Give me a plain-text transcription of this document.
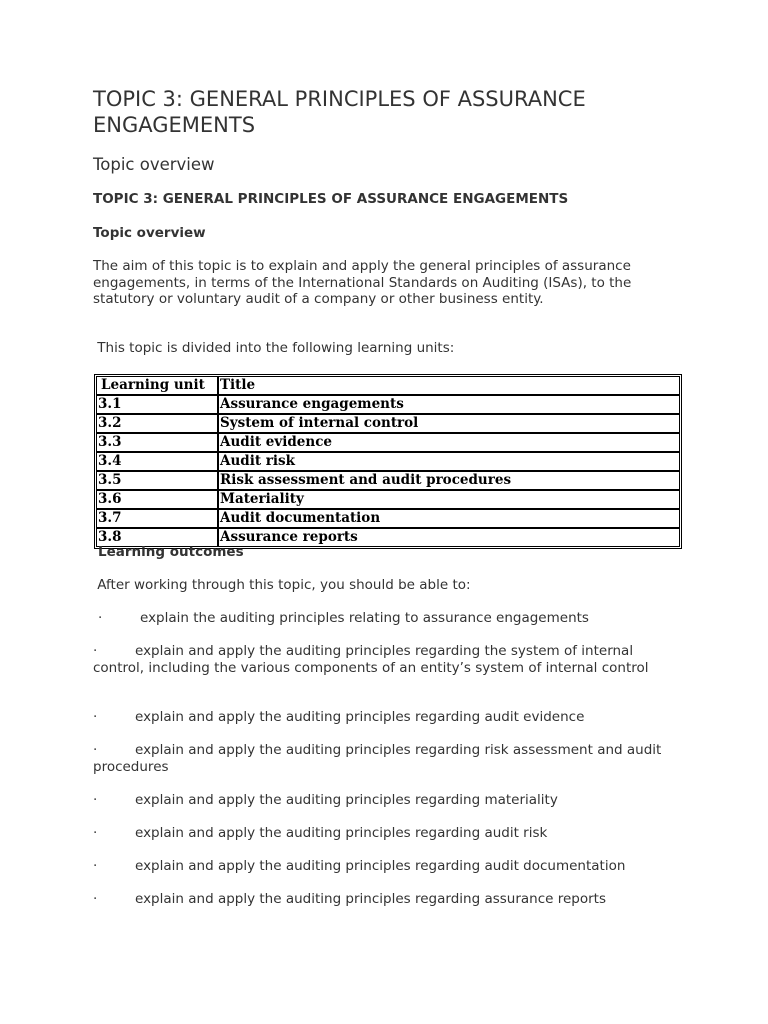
TOPIC 3: GENERAL PRINCIPLES OF ASSURANCE ENGAGEMENTS
Topic overview
TOPIC 3: GENERAL PRINCIPLES OF ASSURANCE ENGAGEMENTS
Topic overview

The aim of this topic is to explain and apply the general principles of assurance engagements, in terms of the International Standards on Auditing (ISAs), to the statutory or voluntary audit of a company or other business entity.

This topic is divided into the following learning units:

Learning unit	Title
3.1	Assurance engagements
3.2	System of internal control
3.3	Audit evidence
3.4	Audit risk
3.5	Risk assessment and audit procedures
3.6	Materiality
3.7	Audit documentation
3.8	Assurance reports
Learning outcomes

After working through this topic, you should be able to:

·	explain the auditing principles relating to assurance engagements
·	explain and apply the auditing principles regarding the system of internal control, including the various components of an entity’s system of internal control
·	explain and apply the auditing principles regarding audit evidence
·	explain and apply the auditing principles regarding risk assessment and audit procedures
·	explain and apply the auditing principles regarding materiality
·	explain and apply the auditing principles regarding audit risk
·	explain and apply the auditing principles regarding audit documentation
·	explain and apply the auditing principles regarding assurance reports
